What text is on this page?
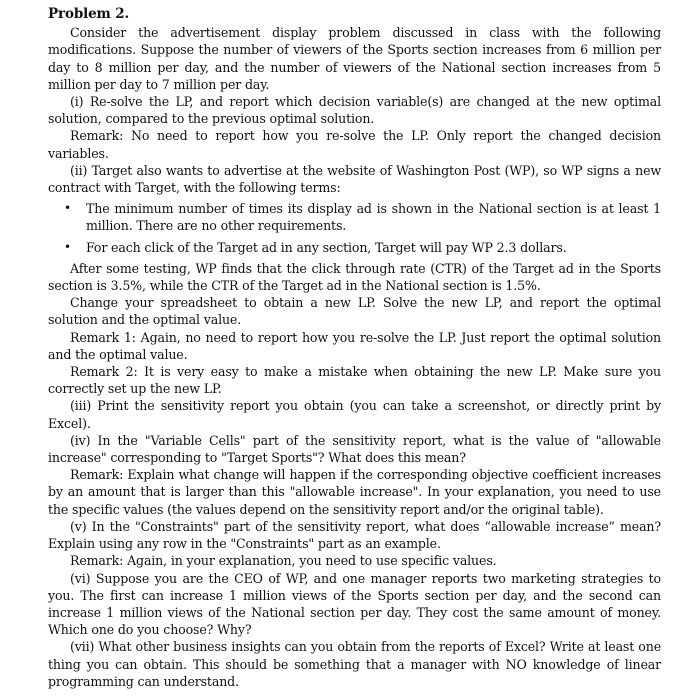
Problem 2.

Consider the advertisement display problem discussed in class with the following modifications. Suppose the number of viewers of the Sports section increases from 6 million per day to 8 million per day, and the number of viewers of the National section increases from 5 million per day to 7 million per day.

(i) Re-solve the LP, and report which decision variable(s) are changed at the new optimal solution, compared to the previous optimal solution.

Remark: No need to report how you re-solve the LP. Only report the changed decision variables.

(ii) Target also wants to advertise at the website of Washington Post (WP), so WP signs a new contract with Target, with the following terms:

• The minimum number of times its display ad is shown in the National section is at least 1 million. There are no other requirements.
• For each click of the Target ad in any section, Target will pay WP 2.3 dollars.

After some testing, WP finds that the click through rate (CTR) of the Target ad in the Sports section is 3.5%, while the CTR of the Target ad in the National section is 1.5%.

Change your spreadsheet to obtain a new LP. Solve the new LP, and report the optimal solution and the optimal value.

Remark 1: Again, no need to report how you re-solve the LP. Just report the optimal solution and the optimal value.

Remark 2: It is very easy to make a mistake when obtaining the new LP. Make sure you correctly set up the new LP.

(iii) Print the sensitivity report you obtain (you can take a screenshot, or directly print by Excel).

(iv) In the "Variable Cells" part of the sensitivity report, what is the value of "allowable increase" corresponding to "Target Sports"? What does this mean?

Remark: Explain what change will happen if the corresponding objective coefficient increases by an amount that is larger than this "allowable increase". In your explanation, you need to use the specific values (the values depend on the sensitivity report and/or the original table).

(v) In the "Constraints" part of the sensitivity report, what does “allowable increase” mean? Explain using any row in the "Constraints" part as an example.

Remark: Again, in your explanation, you need to use specific values.

(vi) Suppose you are the CEO of WP, and one manager reports two marketing strategies to you. The first can increase 1 million views of the Sports section per day, and the second can increase 1 million views of the National section per day. They cost the same amount of money. Which one do you choose? Why?

(vii) What other business insights can you obtain from the reports of Excel? Write at least one thing you can obtain. This should be something that a manager with NO knowledge of linear programming can understand.
